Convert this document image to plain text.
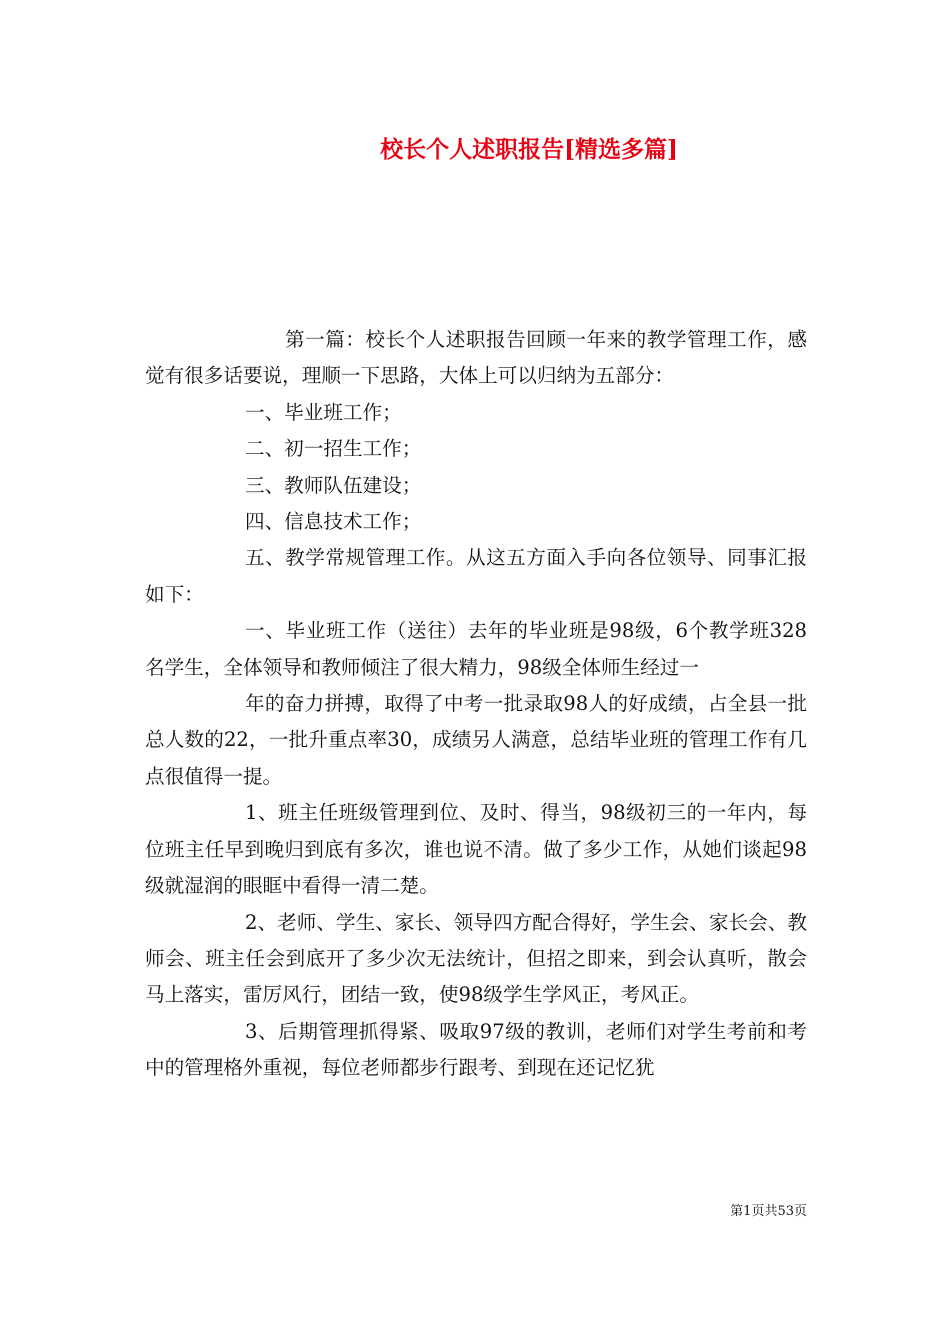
校长个人述职报告[精选多篇]

第一篇：校长个人述职报告回顾一年来的教学管理工作，感觉有很多话要说，理顺一下思路，大体上可以归纳为五部分：

一、毕业班工作；

二、初一招生工作；

三、教师队伍建设；

四、信息技术工作；

五、教学常规管理工作。从这五方面入手向各位领导、同事汇报如下：

一、毕业班工作（送往）去年的毕业班是98级，6个教学班328名学生，全体领导和教师倾注了很大精力，98级全体师生经过一

年的奋力拼搏，取得了中考一批录取98人的好成绩，占全县一批总人数的22，一批升重点率30，成绩另人满意，总结毕业班的管理工作有几点很值得一提。

1、班主任班级管理到位、及时、得当，98级初三的一年内，每位班主任早到晚归到底有多次，谁也说不清。做了多少工作，从她们谈起98级就湿润的眼眶中看得一清二楚。

2、老师、学生、家长、领导四方配合得好，学生会、家长会、教师会、班主任会到底开了多少次无法统计，但招之即来，到会认真听，散会马上落实，雷厉风行，团结一致，使98级学生学风正，考风正。

3、后期管理抓得紧、吸取97级的教训，老师们对学生考前和考中的管理格外重视，每位老师都步行跟考、到现在还记忆犹

第1页共53页
